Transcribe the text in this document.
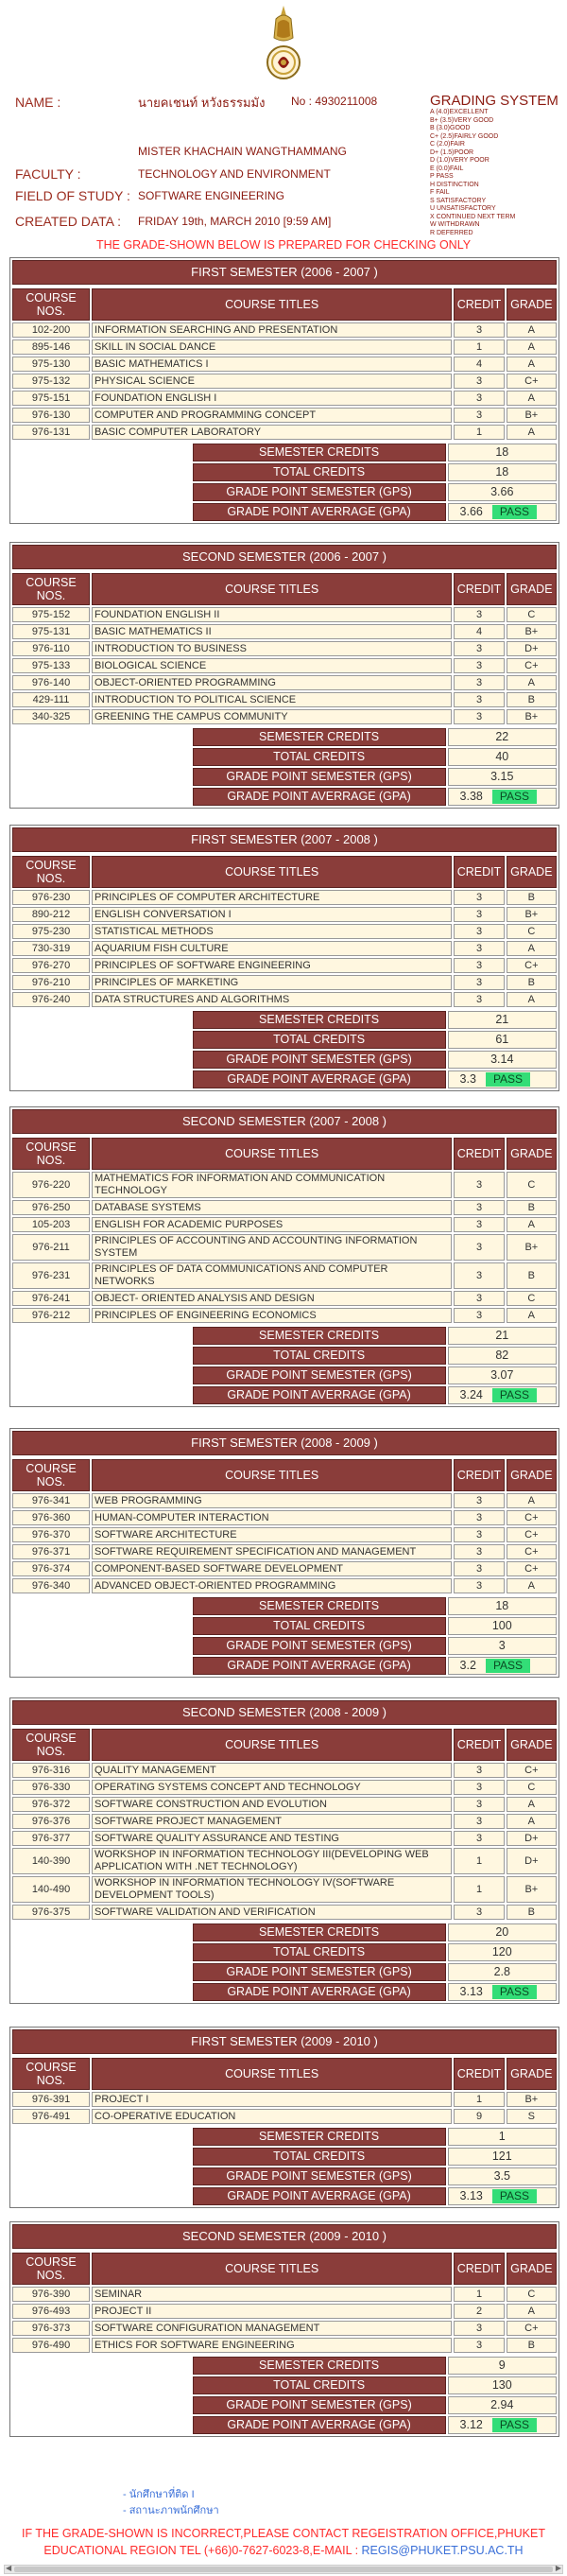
NAME :	นายคเชนท์ หวังธรรมมัง	No : 4930211008
MISTER KHACHAIN WANGTHAMMANG
FACULTY :	TECHNOLOGY AND ENVIRONMENT
FIELD OF STUDY : SOFTWARE ENGINEERING
CREATED DATA :	FRIDAY 19th, MARCH 2010 [9:59 AM]
GRADING SYSTEM
A (4.0)EXCELLENT
B+ (3.5)VERY GOOD
B (3.0)GOOD
C+ (2.5)FAIRLY GOOD
C (2.0)FAIR
D+ (1.5)POOR
D (1.0)VERY POOR
E (0.0)FAIL
P PASS
H DISTINCTION
F FAIL
S SATISFACTORY
U UNSATISFACTORY
X CONTINUED NEXT TERM
W WITHDRAWN
R DEFERRED
THE GRADE-SHOWN BELOW IS PREPARED FOR CHECKING ONLY
FIRST SEMESTER (2006 - 2007 )
COURSE NOS.	COURSE TITLES	CREDIT	GRADE
102-200	INFORMATION SEARCHING AND PRESENTATION	3	A
895-146	SKILL IN SOCIAL DANCE	1	A
975-130	BASIC MATHEMATICS I	4	A
975-132	PHYSICAL SCIENCE	3	C+
975-151	FOUNDATION ENGLISH I	3	A
976-130	COMPUTER AND PROGRAMMING CONCEPT	3	B+
976-131	BASIC COMPUTER LABORATORY	1	A
	SEMESTER CREDITS	18
	TOTAL CREDITS	18
	GRADE POINT SEMESTER (GPS)	3.66
	GRADE POINT AVERRAGE (GPA)	3.66 PASS
SECOND SEMESTER (2006 - 2007 )
COURSE NOS.	COURSE TITLES	CREDIT	GRADE
975-152	FOUNDATION ENGLISH II	3	C
975-131	BASIC MATHEMATICS II	4	B+
976-110	INTRODUCTION TO BUSINESS	3	D+
975-133	BIOLOGICAL SCIENCE	3	C+
976-140	OBJECT-ORIENTED PROGRAMMING	3	A
429-111	INTRODUCTION TO POLITICAL SCIENCE	3	B
340-325	GREENING THE CAMPUS COMMUNITY	3	B+
	SEMESTER CREDITS	22
	TOTAL CREDITS	40
	GRADE POINT SEMESTER (GPS)	3.15
	GRADE POINT AVERRAGE (GPA)	3.38 PASS
FIRST SEMESTER (2007 - 2008 )
COURSE NOS.	COURSE TITLES	CREDIT	GRADE
976-230	PRINCIPLES OF COMPUTER ARCHITECTURE	3	B
890-212	ENGLISH CONVERSATION I	3	B+
975-230	STATISTICAL METHODS	3	C
730-319	AQUARIUM FISH CULTURE	3	A
976-270	PRINCIPLES OF SOFTWARE ENGINEERING	3	C+
976-210	PRINCIPLES OF MARKETING	3	B
976-240	DATA STRUCTURES AND ALGORITHMS	3	A
	SEMESTER CREDITS	21
	TOTAL CREDITS	61
	GRADE POINT SEMESTER (GPS)	3.14
	GRADE POINT AVERRAGE (GPA)	3.3 PASS
SECOND SEMESTER (2007 - 2008 )
COURSE NOS.	COURSE TITLES	CREDIT	GRADE
976-220	MATHEMATICS FOR INFORMATION AND COMMUNICATION TECHNOLOGY	3	C
976-250	DATABASE SYSTEMS	3	B
105-203	ENGLISH FOR ACADEMIC PURPOSES	3	A
976-211	PRINCIPLES OF ACCOUNTING AND ACCOUNTING INFORMATION SYSTEM	3	B+
976-231	PRINCIPLES OF DATA COMMUNICATIONS AND COMPUTER NETWORKS	3	B
976-241	OBJECT- ORIENTED ANALYSIS AND DESIGN	3	C
976-212	PRINCIPLES OF ENGINEERING ECONOMICS	3	A
	SEMESTER CREDITS	21
	TOTAL CREDITS	82
	GRADE POINT SEMESTER (GPS)	3.07
	GRADE POINT AVERRAGE (GPA)	3.24 PASS
FIRST SEMESTER (2008 - 2009 )
COURSE NOS.	COURSE TITLES	CREDIT	GRADE
976-341	WEB PROGRAMMING	3	A
976-360	HUMAN-COMPUTER INTERACTION	3	C+
976-370	SOFTWARE ARCHITECTURE	3	C+
976-371	SOFTWARE REQUIREMENT SPECIFICATION AND MANAGEMENT	3	C+
976-374	COMPONENT-BASED SOFTWARE DEVELOPMENT	3	C+
976-340	ADVANCED OBJECT-ORIENTED PROGRAMMING	3	A
	SEMESTER CREDITS	18
	TOTAL CREDITS	100
	GRADE POINT SEMESTER (GPS)	3
	GRADE POINT AVERRAGE (GPA)	3.2 PASS
SECOND SEMESTER (2008 - 2009 )
COURSE NOS.	COURSE TITLES	CREDIT	GRADE
976-316	QUALITY MANAGEMENT	3	C+
976-330	OPERATING SYSTEMS CONCEPT AND TECHNOLOGY	3	C
976-372	SOFTWARE CONSTRUCTION AND EVOLUTION	3	A
976-376	SOFTWARE PROJECT MANAGEMENT	3	A
976-377	SOFTWARE QUALITY ASSURANCE AND TESTING	3	D+
140-390	WORKSHOP IN INFORMATION TECHNOLOGY III(DEVELOPING WEB APPLICATION WITH .NET TECHNOLOGY)	1	D+
140-490	WORKSHOP IN INFORMATION TECHNOLOGY IV(SOFTWARE DEVELOPMENT TOOLS)	1	B+
976-375	SOFTWARE VALIDATION AND VERIFICATION	3	B
	SEMESTER CREDITS	20
	TOTAL CREDITS	120
	GRADE POINT SEMESTER (GPS)	2.8
	GRADE POINT AVERRAGE (GPA)	3.13 PASS
FIRST SEMESTER (2009 - 2010 )
COURSE NOS.	COURSE TITLES	CREDIT	GRADE
976-391	PROJECT I	1	B+
976-491	CO-OPERATIVE EDUCATION	9	S
	SEMESTER CREDITS	1
	TOTAL CREDITS	121
	GRADE POINT SEMESTER (GPS)	3.5
	GRADE POINT AVERRAGE (GPA)	3.13 PASS
SECOND SEMESTER (2009 - 2010 )
COURSE NOS.	COURSE TITLES	CREDIT	GRADE
976-390	SEMINAR	1	C
976-493	PROJECT II	2	A
976-373	SOFTWARE CONFIGURATION MANAGEMENT	3	C+
976-490	ETHICS FOR SOFTWARE ENGINEERING	3	B
	SEMESTER CREDITS	9
	TOTAL CREDITS	130
	GRADE POINT SEMESTER (GPS)	2.94
	GRADE POINT AVERRAGE (GPA)	3.12 PASS
- นักศึกษาที่ติด I
- สถานะภาพนักศึกษา
IF THE GRADE-SHOWN IS INCORRECT,PLEASE CONTACT REGEISTRATION OFFICE,PHUKET
EDUCATIONAL REGION TEL (+66)0-7627-6023-8,E-MAIL : REGIS@PHUKET.PSU.AC.TH
◀	▶
